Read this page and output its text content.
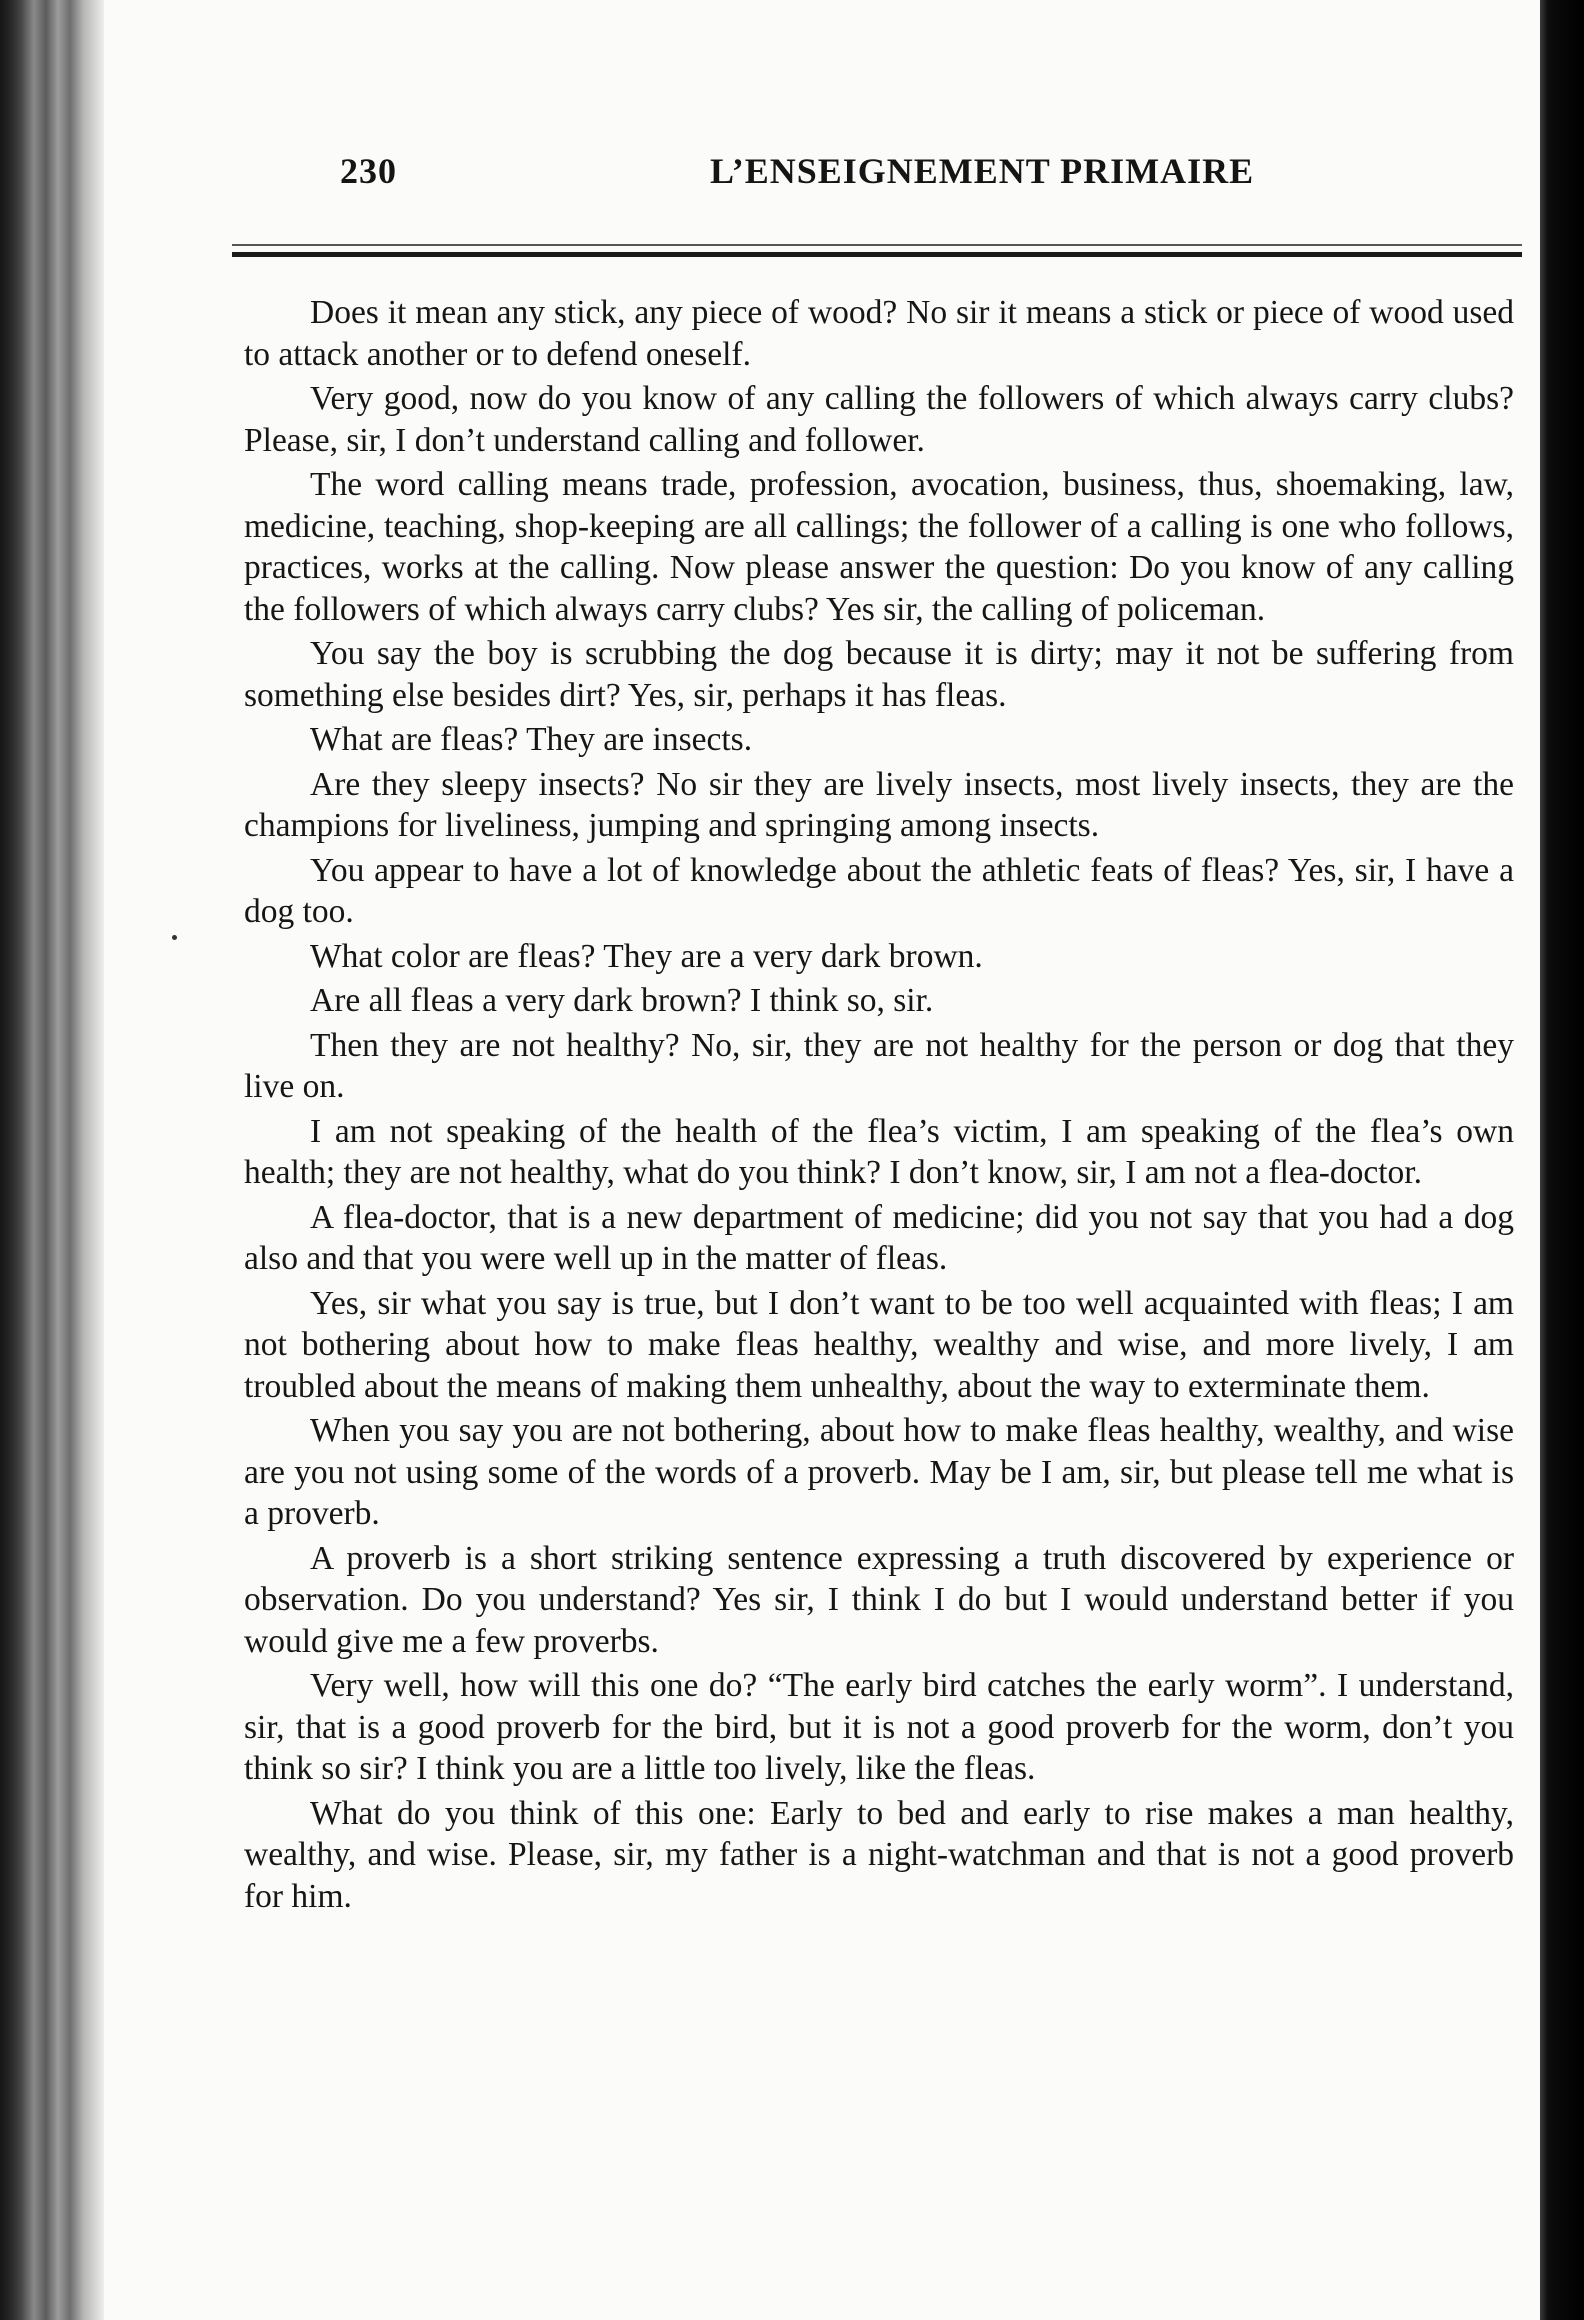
230	L’ENSEIGNEMENT PRIMAIRE

Does it mean any stick, any piece of wood? No sir it means a stick or piece of wood used to attack another or to defend oneself.

Very good, now do you know of any calling the followers of which always carry clubs? Please, sir, I don’t understand calling and follower.

The word calling means trade, profession, avocation, business, thus, shoemaking, law, medicine, teaching, shop-keeping are all callings; the follower of a calling is one who follows, practices, works at the calling. Now please answer the question: Do you know of any calling the followers of which always carry clubs? Yes sir, the calling of policeman.

You say the boy is scrubbing the dog because it is dirty; may it not be suffering from something else besides dirt? Yes, sir, perhaps it has fleas.

What are fleas? They are insects.

Are they sleepy insects? No sir they are lively insects, most lively insects, they are the champions for liveliness, jumping and springing among insects.

You appear to have a lot of knowledge about the athletic feats of fleas? Yes, sir, I have a dog too.

What color are fleas? They are a very dark brown.

Are all fleas a very dark brown? I think so, sir.

Then they are not healthy? No, sir, they are not healthy for the person or dog that they live on.

I am not speaking of the health of the flea’s victim, I am speaking of the flea’s own health; they are not healthy, what do you think? I don’t know, sir, I am not a flea-doctor.

A flea-doctor, that is a new department of medicine; did you not say that you had a dog also and that you were well up in the matter of fleas.

Yes, sir what you say is true, but I don’t want to be too well acquainted with fleas; I am not bothering about how to make fleas healthy, wealthy and wise, and more lively, I am troubled about the means of making them unhealthy, about the way to exterminate them.

When you say you are not bothering, about how to make fleas healthy, wealthy, and wise are you not using some of the words of a proverb. May be I am, sir, but please tell me what is a proverb.

A proverb is a short striking sentence expressing a truth discovered by experience or observation. Do you understand? Yes sir, I think I do but I would understand better if you would give me a few proverbs.

Very well, how will this one do? “The early bird catches the early worm”. I understand, sir, that is a good proverb for the bird, but it is not a good proverb for the worm, don’t you think so sir? I think you are a little too lively, like the fleas.

What do you think of this one: Early to bed and early to rise makes a man healthy, wealthy, and wise. Please, sir, my father is a night-watchman and that is not a good proverb for him.
